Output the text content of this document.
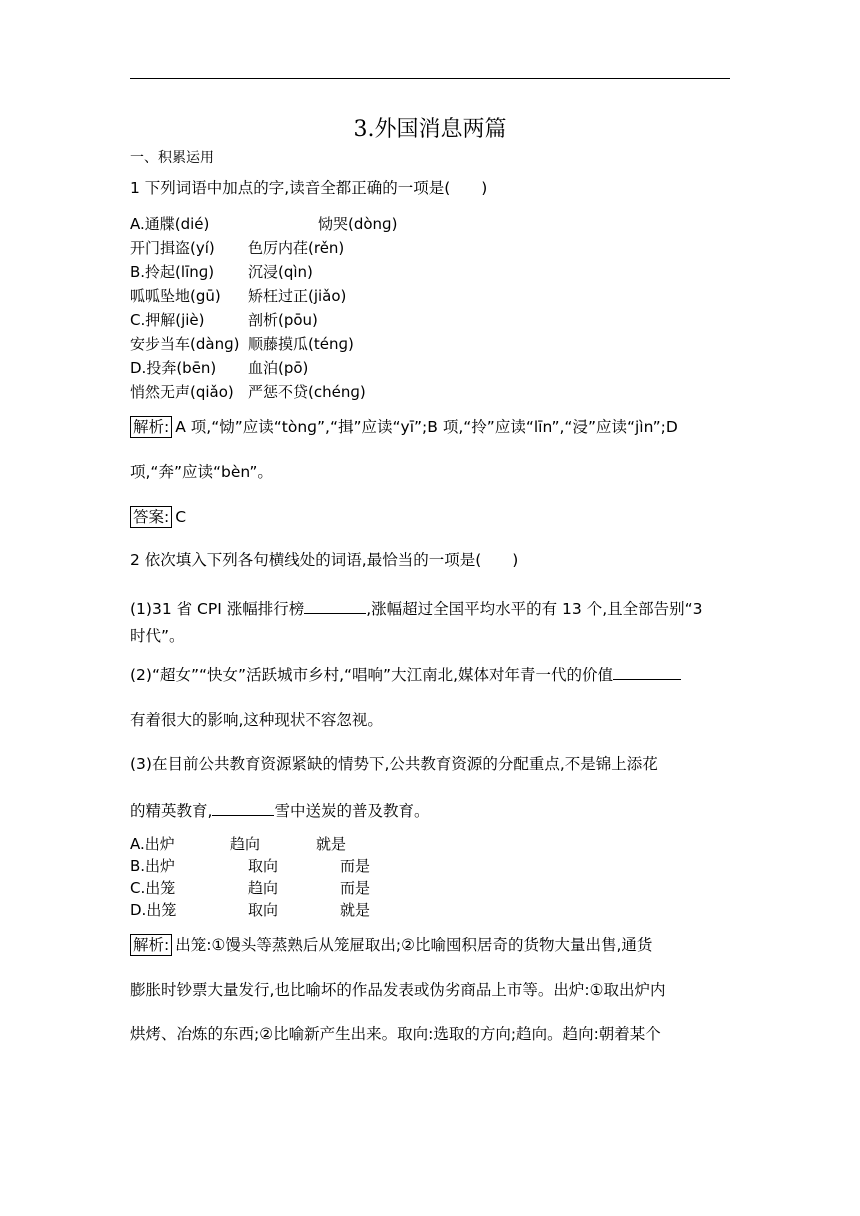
3.外国消息两篇
一、积累运用
1 下列词语中加点的字,读音全都正确的一项是(　　)
A.通牒(dié)	恸哭(dònɡ)
开门揖盗(yí) 色厉内荏(rěn)
B.拎起(līnɡ) 沉浸(qìn)
呱呱坠地(gū) 矫枉过正(jiǎo)
C.押解(jiè)	剖析(pōu)
安步当车(dànɡ) 顺藤摸瓜(ténɡ)
D.投奔(bēn) 血泊(pō)
悄然无声(qiǎo) 严惩不贷(chénɡ)
解析: A 项,“恸”应读“tònɡ”,“揖”应读“yī”;B 项,“拎”应读“līn”,“浸”应读“jìn”;D
项,“奔”应读“bèn”。
答案: C
2 依次填入下列各句横线处的词语,最恰当的一项是(　　)
(1)31 省 CPI 涨幅排行榜	,涨幅超过全国平均水平的有 13 个,且全部告别“3
时代”。
(2)“超女”“快女”活跃城市乡村,“唱响”大江南北,媒体对年青一代的价值
有着很大的影响,这种现状不容忽视。
(3)在目前公共教育资源紧缺的情势下,公共教育资源的分配重点,不是锦上添花
的精英教育,	雪中送炭的普及教育。
A.出炉	趋向	就是
B.出炉	取向	而是
C.出笼	趋向	而是
D.出笼	取向	就是
解析: 出笼:①馒头等蒸熟后从笼屉取出;②比喻囤积居奇的货物大量出售,通货
膨胀时钞票大量发行,也比喻坏的作品发表或伪劣商品上市等。出炉:①取出炉内
烘烤、冶炼的东西;②比喻新产生出来。取向:选取的方向;趋向。趋向:朝着某个
